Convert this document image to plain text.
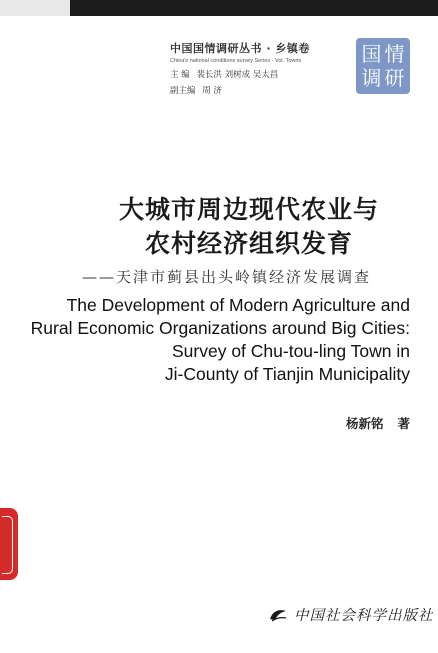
中国国情调研丛书 · 乡镇卷
China's national conditions survey Series - Vol. Towns
主 编 裴长洪 刘树成 吴太昌
副主编 周 济
国 情
调 研
大城市周边现代农业与
农村经济组织发育
——天津市蓟县出头岭镇经济发展调查
The Development of Modern Agriculture and
Rural Economic Organizations around Big Cities:
Survey of Chu-tou-ling Town in
Ji-County of Tianjin Municipality
杨新铭 著
中国社会科学出版社
